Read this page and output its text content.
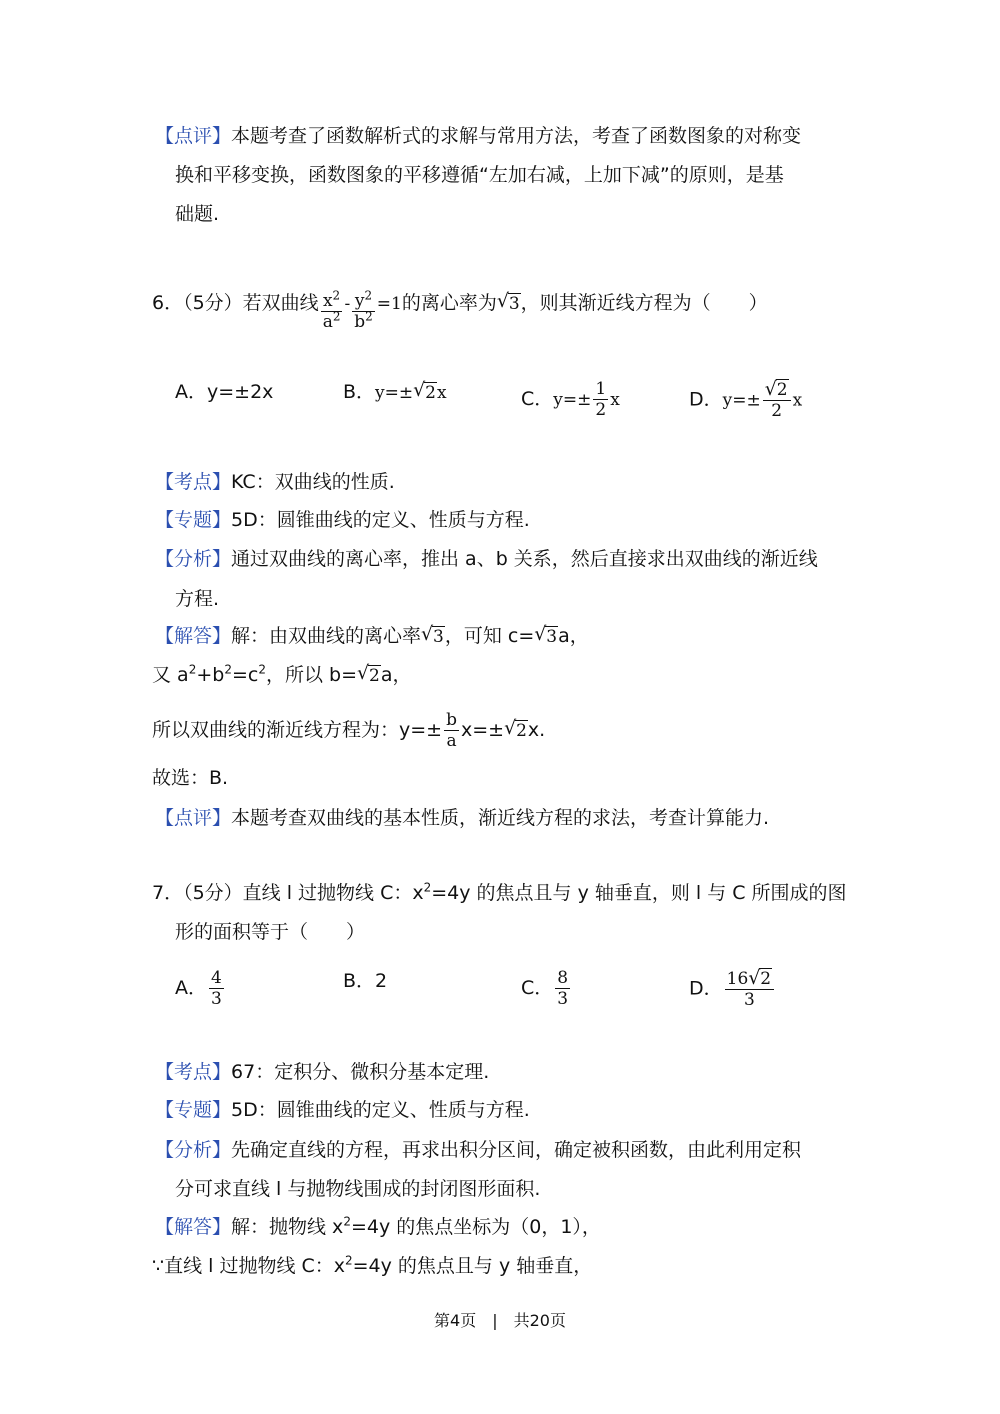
【点评】本题考查了函数解析式的求解与常用方法，考查了函数图象的对称变
换和平移变换，函数图象的平移遵循“左加右减，上加下减”的原则，是基
础题.
6．（5分）若双曲线 $\frac{x^2}{a^2} - \frac{y^2}{b^2} =1$的离心率为 √ 3，则其渐近线方程为（　　）
A．y=±2x	B．y=± √ 2x	C．$y=\pm \frac{1}{2}$ x	D．$y=\pm \frac{√ 2}{2}$ x
【考点】KC：双曲线的性质.
【专题】5D：圆锥曲线的定义、性质与方程.
【分析】通过双曲线的离心率，推出 a、b 关系，然后直接求出双曲线的渐近线
方程.
【解答】解：由双曲线的离心率 √ 3，可知 c= √ 3a，
又 $a^2+b^2=c^2$，所以 b= √ 2a，
所以双曲线的渐近线方程为：$y=\pm \frac{b}{a} x=\pm$ √ 2x.
故选：B.
【点评】本题考查双曲线的基本性质，渐近线方程的求法，考查计算能力.
7．（5分）直线 l 过抛物线 C：$x^2=4y$ 的焦点且与 y 轴垂直，则 l 与 C 所围成的图
形的面积等于（　　）
A． $\frac{4}{3}$	B．2	C． $\frac{8}{3}$	D． $\frac{16 √ 2}{3}$
【考点】67：定积分、微积分基本定理.
【专题】5D：圆锥曲线的定义、性质与方程.
【分析】先确定直线的方程，再求出积分区间，确定被积函数，由此利用定积
分可求直线 l 与抛物线围成的封闭图形面积.
【解答】解：抛物线 $x^2=4y$ 的焦点坐标为（0，1），
∵直线 l 过抛物线 C：$x^2=4y$ 的焦点且与 y 轴垂直，
第4页　|　共20页
